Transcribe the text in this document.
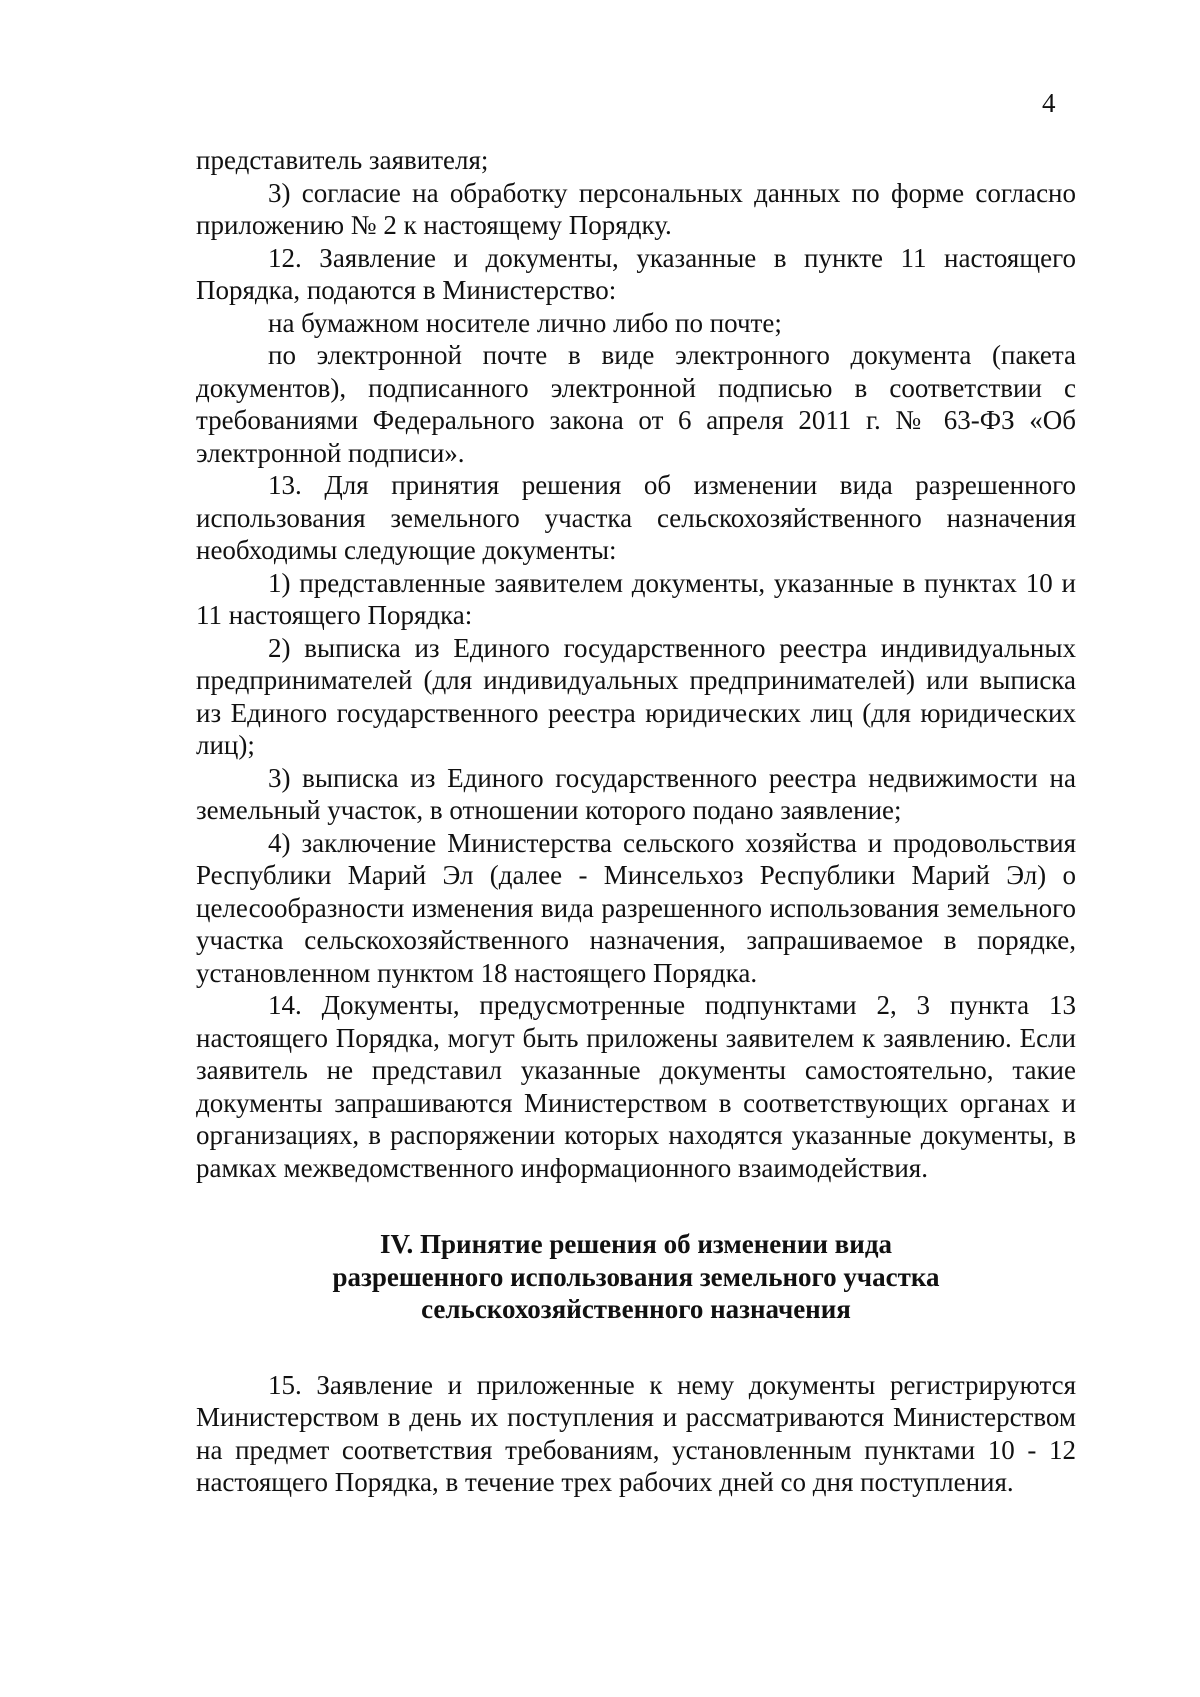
4

представитель заявителя;

3) согласие на обработку персональных данных по форме согласно приложению № 2 к настоящему Порядку.

12. Заявление и документы, указанные в пункте 11 настоящего Порядка, подаются в Министерство:

на бумажном носителе лично либо по почте;

по электронной почте в виде электронного документа (пакета документов), подписанного электронной подписью в соответствии с требованиями Федерального закона от 6 апреля 2011 г. № 63-ФЗ «Об электронной подписи».

13. Для принятия решения об изменении вида разрешенного использования земельного участка сельскохозяйственного назначения необходимы следующие документы:

1) представленные заявителем документы, указанные в пунктах 10 и 11 настоящего Порядка:

2) выписка из Единого государственного реестра индивидуальных предпринимателей (для индивидуальных предпринимателей) или выписка из Единого государственного реестра юридических лиц (для юридических лиц);

3) выписка из Единого государственного реестра недвижимости на земельный участок, в отношении которого подано заявление;

4) заключение Министерства сельского хозяйства и продовольствия Республики Марий Эл (далее - Минсельхоз Республики Марий Эл) о целесообразности изменения вида разрешенного использования земельного участка сельскохозяйственного назначения, запрашиваемое в порядке, установленном пунктом 18 настоящего Порядка.

14. Документы, предусмотренные подпунктами 2, 3 пункта 13 настоящего Порядка, могут быть приложены заявителем к заявлению. Если заявитель не представил указанные документы самостоятельно, такие документы запрашиваются Министерством в соответствующих органах и организациях, в распоряжении которых находятся указанные документы, в рамках межведомственного информационного взаимодействия.

IV. Принятие решения об изменении вида
разрешенного использования земельного участка
сельскохозяйственного назначения

15. Заявление и приложенные к нему документы регистрируются Министерством в день их поступления и рассматриваются Министерством на предмет соответствия требованиям, установленным пунктами 10 - 12 настоящего Порядка, в течение трех рабочих дней со дня поступления.
